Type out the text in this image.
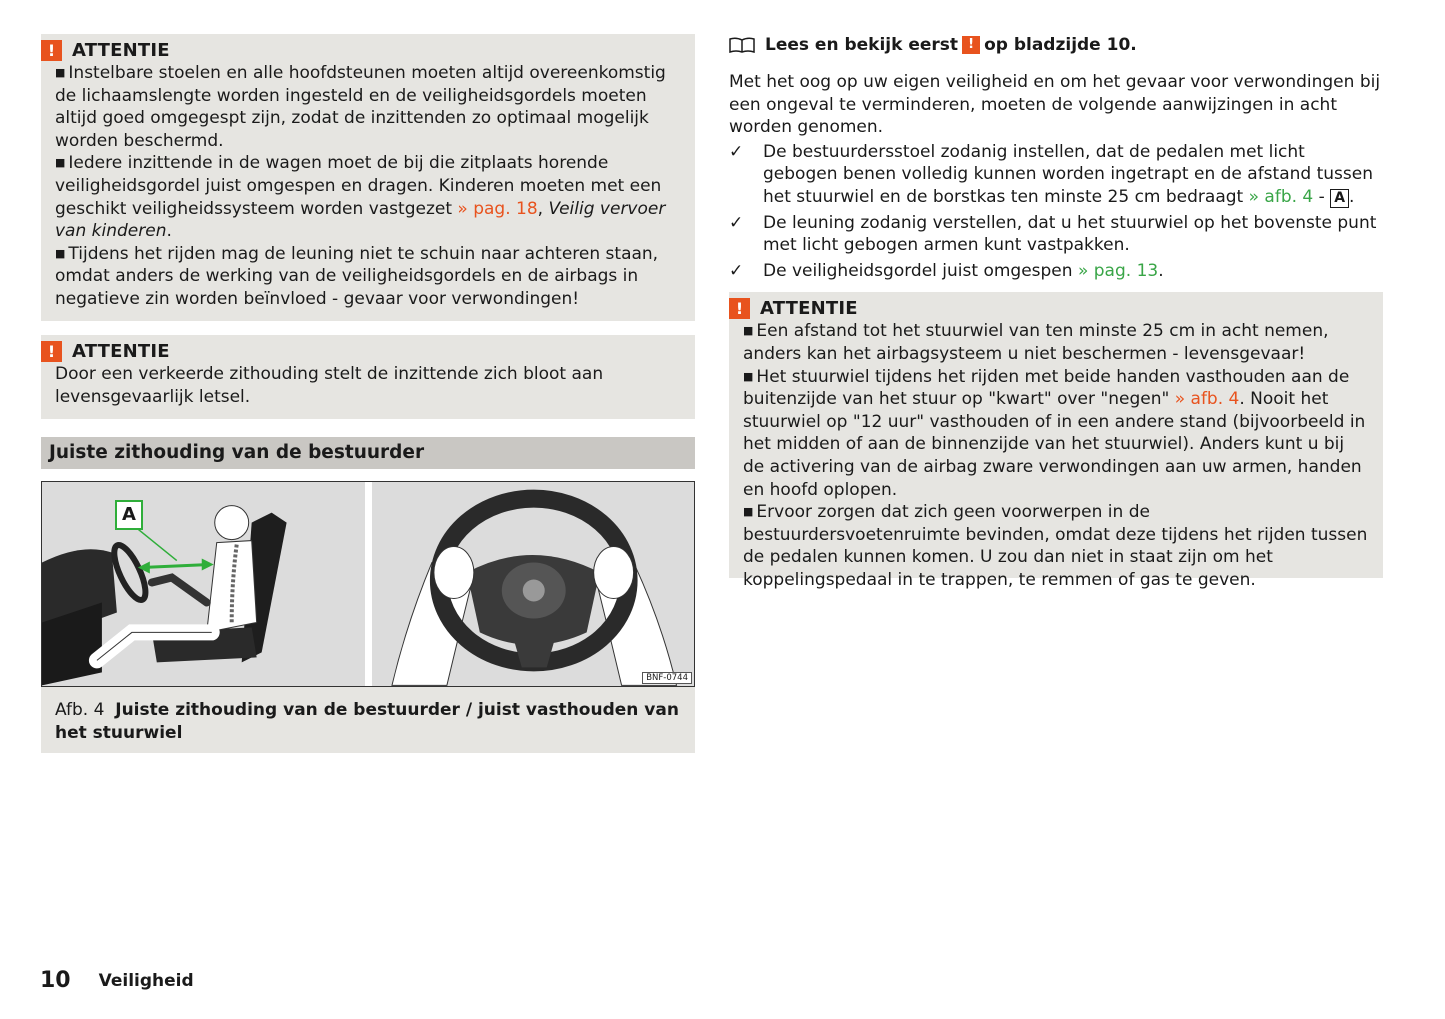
! ATTENTIE
■ Instelbare stoelen en alle hoofdsteunen moeten altijd overeenkomstig de lichaamslengte worden ingesteld en de veiligheidsgordels moeten altijd goed omgegespt zijn, zodat de inzittenden zo optimaal mogelijk worden beschermd.
■ Iedere inzittende in de wagen moet de bij die zitplaats horende veiligheidsgordel juist omgespen en dragen. Kinderen moeten met een geschikt veiligheidssysteem worden vastgezet » pag. 18, Veilig vervoer van kinderen.
■ Tijdens het rijden mag de leuning niet te schuin naar achteren staan, omdat anders de werking van de veiligheidsgordels en de airbags in negatieve zin worden beïnvloed - gevaar voor verwondingen!
! ATTENTIE
Door een verkeerde zithouding stelt de inzittende zich bloot aan levensgevaarlijk letsel.
Juiste zithouding van de bestuurder
A
BNF-0744
Afb. 4 Juiste zithouding van de bestuurder / juist vasthouden van het stuurwiel
Lees en bekijk eerst ! op bladzijde 10.
Met het oog op uw eigen veiligheid en om het gevaar voor verwondingen bij een ongeval te verminderen, moeten de volgende aanwijzingen in acht worden genomen.
✓ De bestuurdersstoel zodanig instellen, dat de pedalen met licht gebogen benen volledig kunnen worden ingetrapt en de afstand tussen het stuurwiel en de borstkas ten minste 25 cm bedraagt » afb. 4 - A .
✓ De leuning zodanig verstellen, dat u het stuurwiel op het bovenste punt met licht gebogen armen kunt vastpakken.
✓ De veiligheidsgordel juist omgespen » pag. 13.
! ATTENTIE
■ Een afstand tot het stuurwiel van ten minste 25 cm in acht nemen, anders kan het airbagsysteem u niet beschermen - levensgevaar!
■ Het stuurwiel tijdens het rijden met beide handen vasthouden aan de buitenzijde van het stuur op "kwart" over "negen" » afb. 4. Nooit het stuurwiel op "12 uur" vasthouden of in een andere stand (bijvoorbeeld in het midden of aan de binnenzijde van het stuurwiel). Anders kunt u bij de activering van de airbag zware verwondingen aan uw armen, handen en hoofd oplopen.
■ Ervoor zorgen dat zich geen voorwerpen in de bestuurdersvoetenruimte bevinden, omdat deze tijdens het rijden tussen de pedalen kunnen komen. U zou dan niet in staat zijn om het koppelingspedaal in te trappen, te remmen of gas te geven.
10 Veiligheid
